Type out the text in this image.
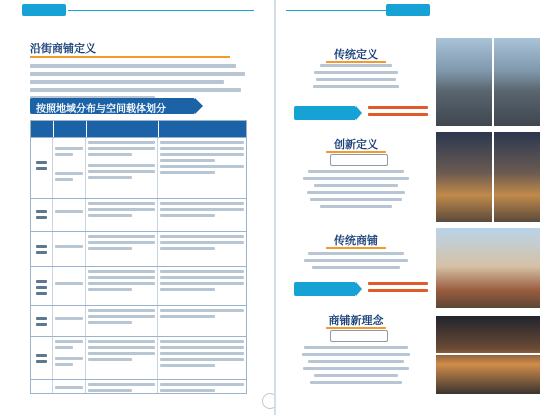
沿街商铺定义
按照地域分布与空间载体划分
传统定义
创新定义
传统商铺
商铺新理念
